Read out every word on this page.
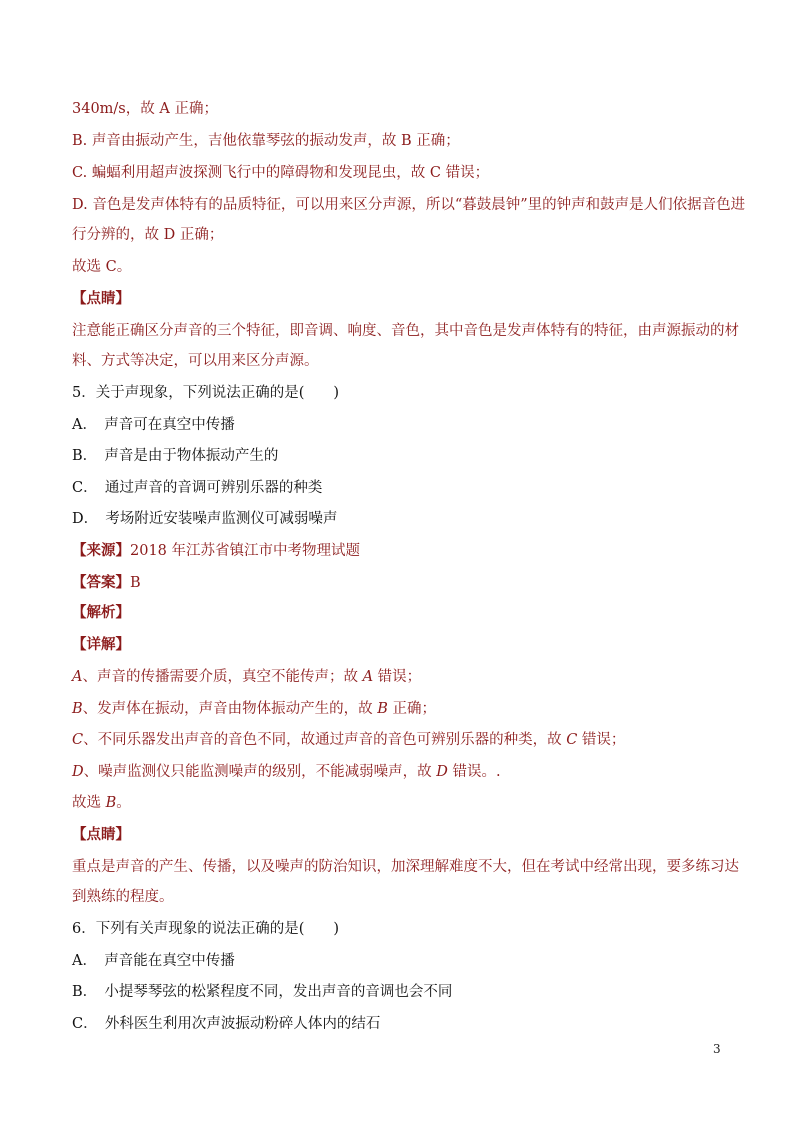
340m/s，故 A 正确；
B. 声音由振动产生，吉他依靠琴弦的振动发声，故 B 正确；
C. 蝙蝠利用超声波探测飞行中的障碍物和发现昆虫，故 C 错误；
D. 音色是发声体特有的品质特征，可以用来区分声源，所以“暮鼓晨钟”里的钟声和鼓声是人们依据音色进
行分辨的，故 D 正确；
故选 C。
【点睛】
注意能正确区分声音的三个特征，即音调、响度、音色，其中音色是发声体特有的特征，由声源振动的材
料、方式等决定，可以用来区分声源。
5．关于声现象，下列说法正确的是(　　)
A．　声音可在真空中传播
B．　声音是由于物体振动产生的
C．　通过声音的音调可辨别乐器的种类
D．　考场附近安装噪声监测仪可减弱噪声
【来源】2018 年江苏省镇江市中考物理试题
【答案】B
【解析】
【详解】
A、声音的传播需要介质，真空不能传声；故 A 错误；
B、发声体在振动，声音由物体振动产生的，故 B 正确；
C、不同乐器发出声音的音色不同，故通过声音的音色可辨别乐器的种类，故 C 错误；
D、噪声监测仪只能监测噪声的级别，不能减弱噪声，故 D 错误。.
故选 B。
【点睛】
重点是声音的产生、传播，以及噪声的防治知识，加深理解难度不大，但在考试中经常出现，要多练习达
到熟练的程度。
6．下列有关声现象的说法正确的是(　　)
A．　声音能在真空中传播
B．　小提琴琴弦的松紧程度不同，发出声音的音调也会不同
C．　外科医生利用次声波振动粉碎人体内的结石
3
